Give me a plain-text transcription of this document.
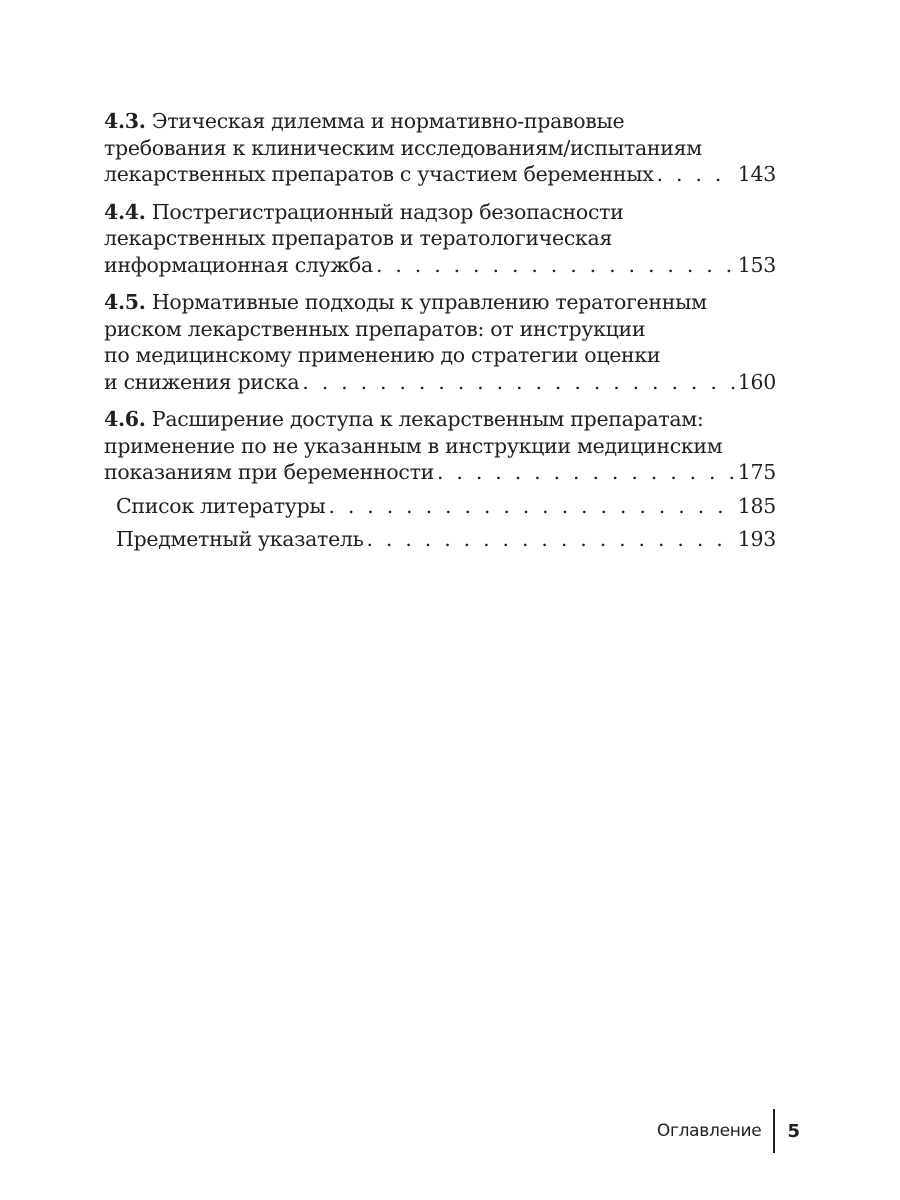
4.3. Этическая дилемма и нормативно-правовые
требования к клиническим исследованиям/испытаниям
лекарственных препаратов с участием беременных . . .	143
4.4. Пострегистрационный надзор безопасности
лекарственных препаратов и тератологическая
информационная служба . . .	153
4.5. Нормативные подходы к управлению тератогенным
риском лекарственных препаратов: от инструкции
по медицинскому применению до стратегии оценки
и снижения риска . . .	160
4.6. Расширение доступа к лекарственным препаратам:
применение по не указанным в инструкции медицинским
показаниям при беременности . . .	175
Список литературы . . .	185
Предметный указатель . . .	193
Оглавление 5
